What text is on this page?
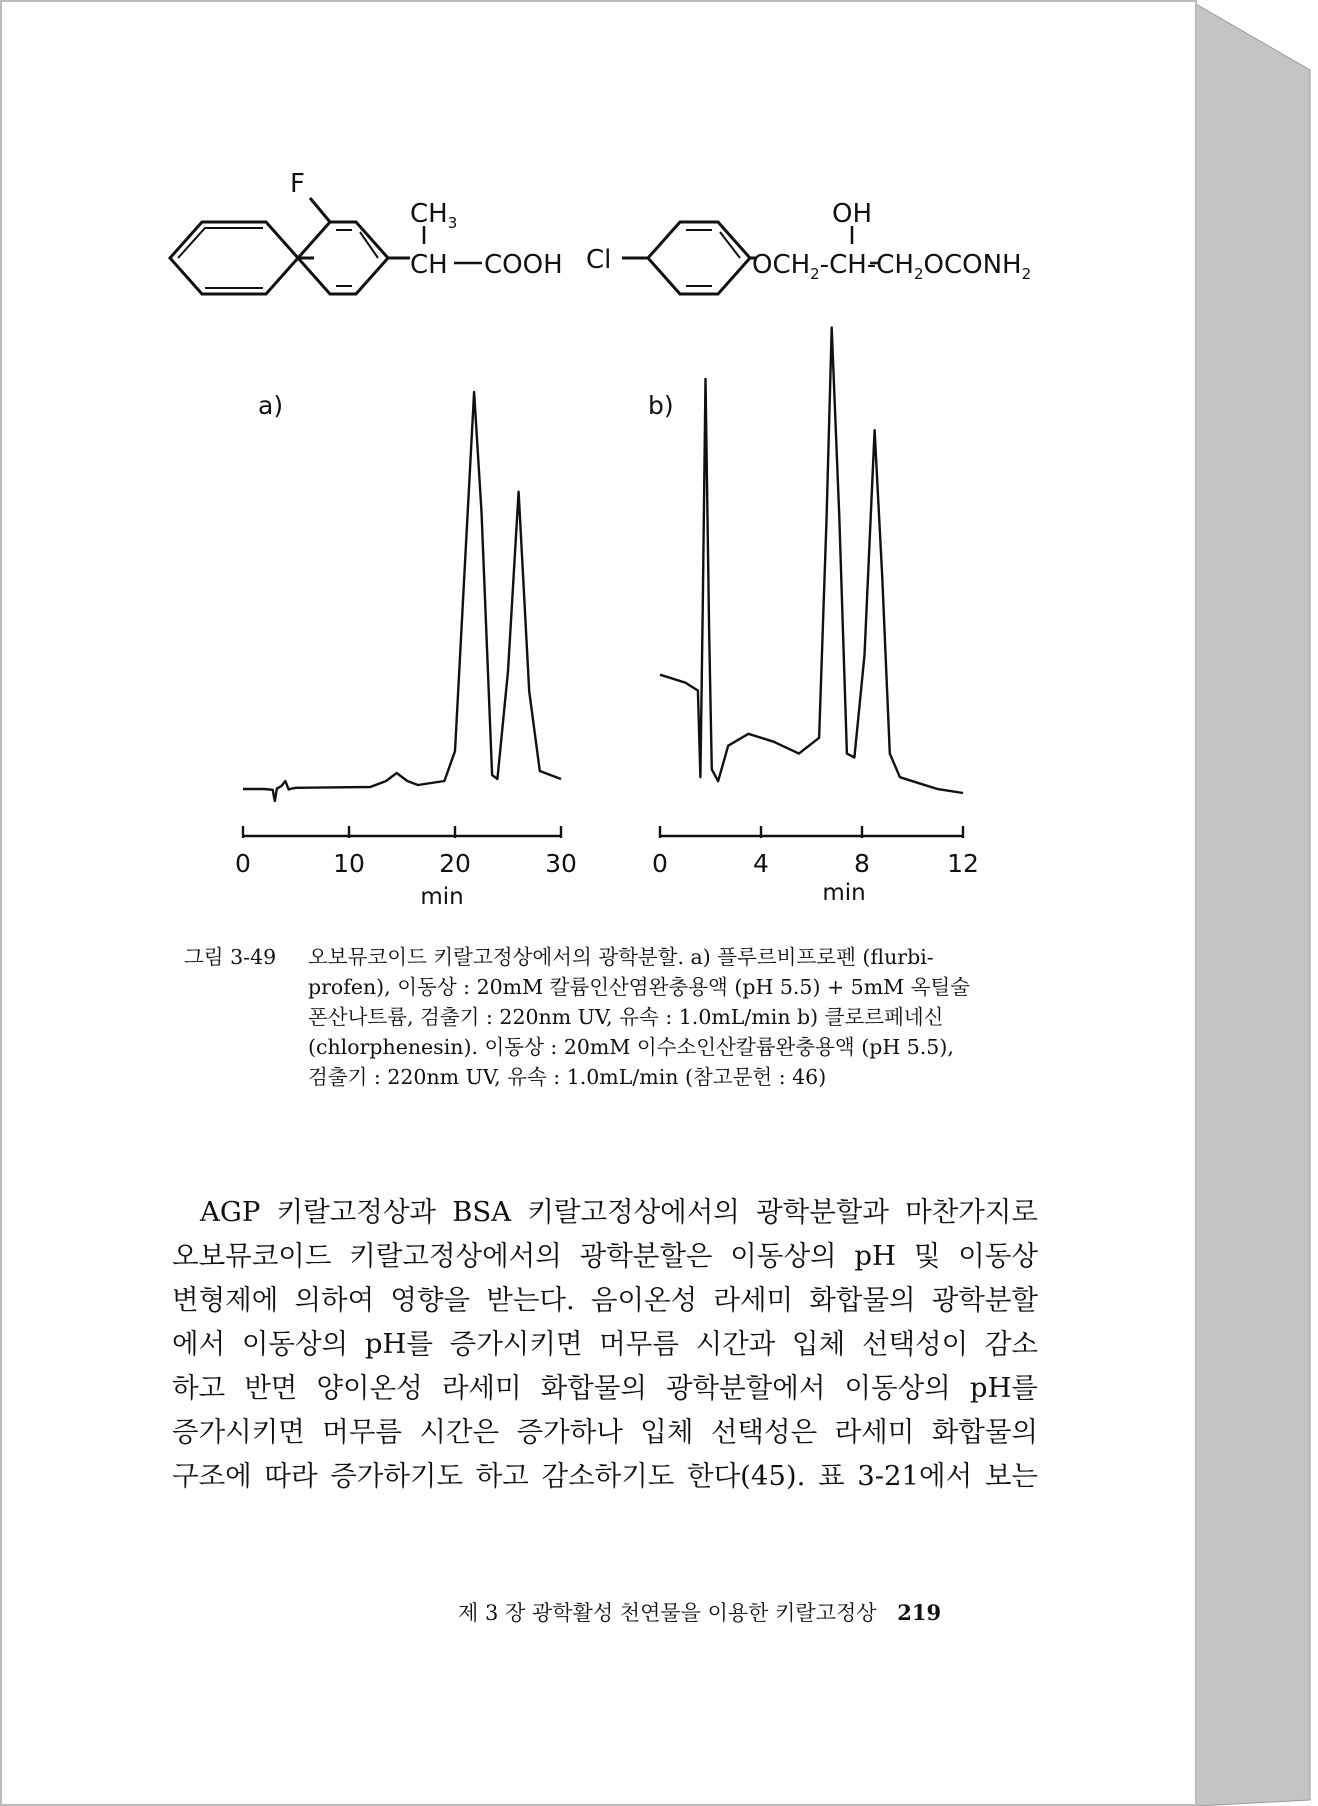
F
$CH_3$
CH COOH Cl
OH
$OCH_2-CH-CH_2OCONH_2$
a)
0	10	20	30
min
b)
0	4	8	12
min
그림 3-49	오보뮤코이드 키랄고정상에서의 광학분할. a) 플루르비프로펜 (flurbi-
profen), 이동상 : 20mM 칼륨인산염완충용액 (pH 5.5) + 5mM 옥틸술
폰산나트륨, 검출기 : 220nm UV, 유속 : 1.0mL/min b) 클로르페네신
(chlorphenesin). 이동상 : 20mM 이수소인산칼륨완충용액 (pH 5.5),
검출기 : 220nm UV, 유속 : 1.0mL/min (참고문헌 : 46)
AGP 키랄고정상과 BSA 키랄고정상에서의 광학분할과 마찬가지로
오보뮤코이드 키랄고정상에서의 광학분할은 이동상의 pH 및 이동상
변형제에 의하여 영향을 받는다. 음이온성 라세미 화합물의 광학분할
에서 이동상의 pH를 증가시키면 머무름 시간과 입체 선택성이 감소
하고 반면 양이온성 라세미 화합물의 광학분할에서 이동상의 pH를
증가시키면 머무름 시간은 증가하나 입체 선택성은 라세미 화합물의
구조에 따라 증가하기도 하고 감소하기도 한다(45). 표 3-21에서 보는
제 3 장 광학활성 천연물을 이용한 키랄고정상 219
